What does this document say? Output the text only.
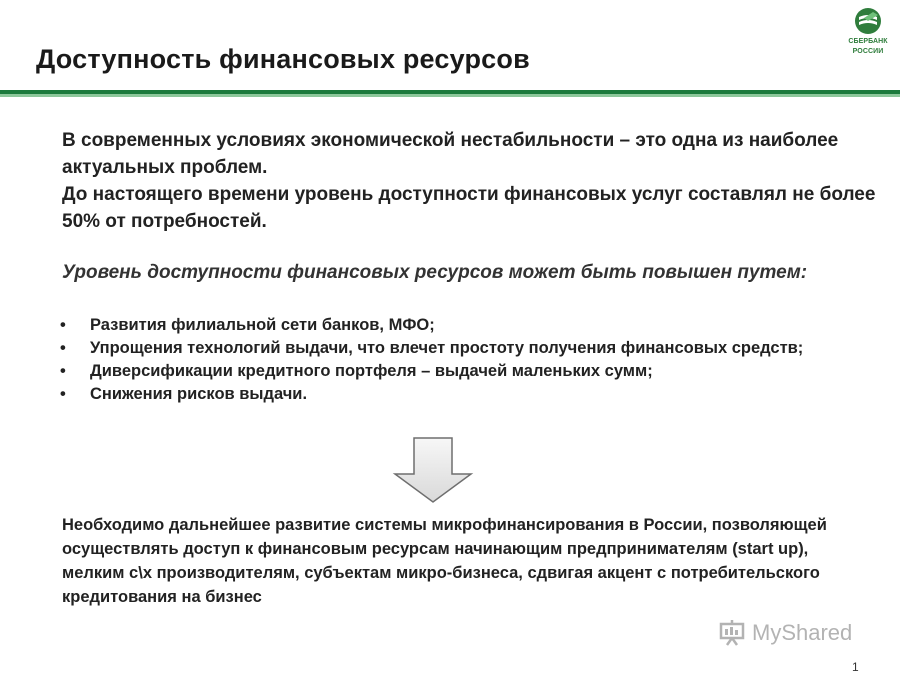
СБЕРБАНК
РОССИИ
Доступность финансовых ресурсов

В современных условиях экономической нестабильности – это одна из наиболее актуальных проблем.

До настоящего времени уровень доступности финансовых услуг составлял не более 50% от потребностей.

Уровень доступности финансовых ресурсов может быть повышен путем:
• Развития филиальной сети банков, МФО;
• Упрощения технологий выдачи, что влечет простоту получения финансовых средств;
• Диверсификации кредитного портфеля – выдачей маленьких сумм;
• Снижения рисков выдачи.
Необходимо дальнейшее развитие системы микрофинансирования в России, позволяющей осуществлять доступ к финансовым ресурсам начинающим предпринимателям (start up), мелким с\х производителям, субъектам микро-бизнеса, сдвигая акцент с потребительского кредитования на бизнес
MyShared
1
